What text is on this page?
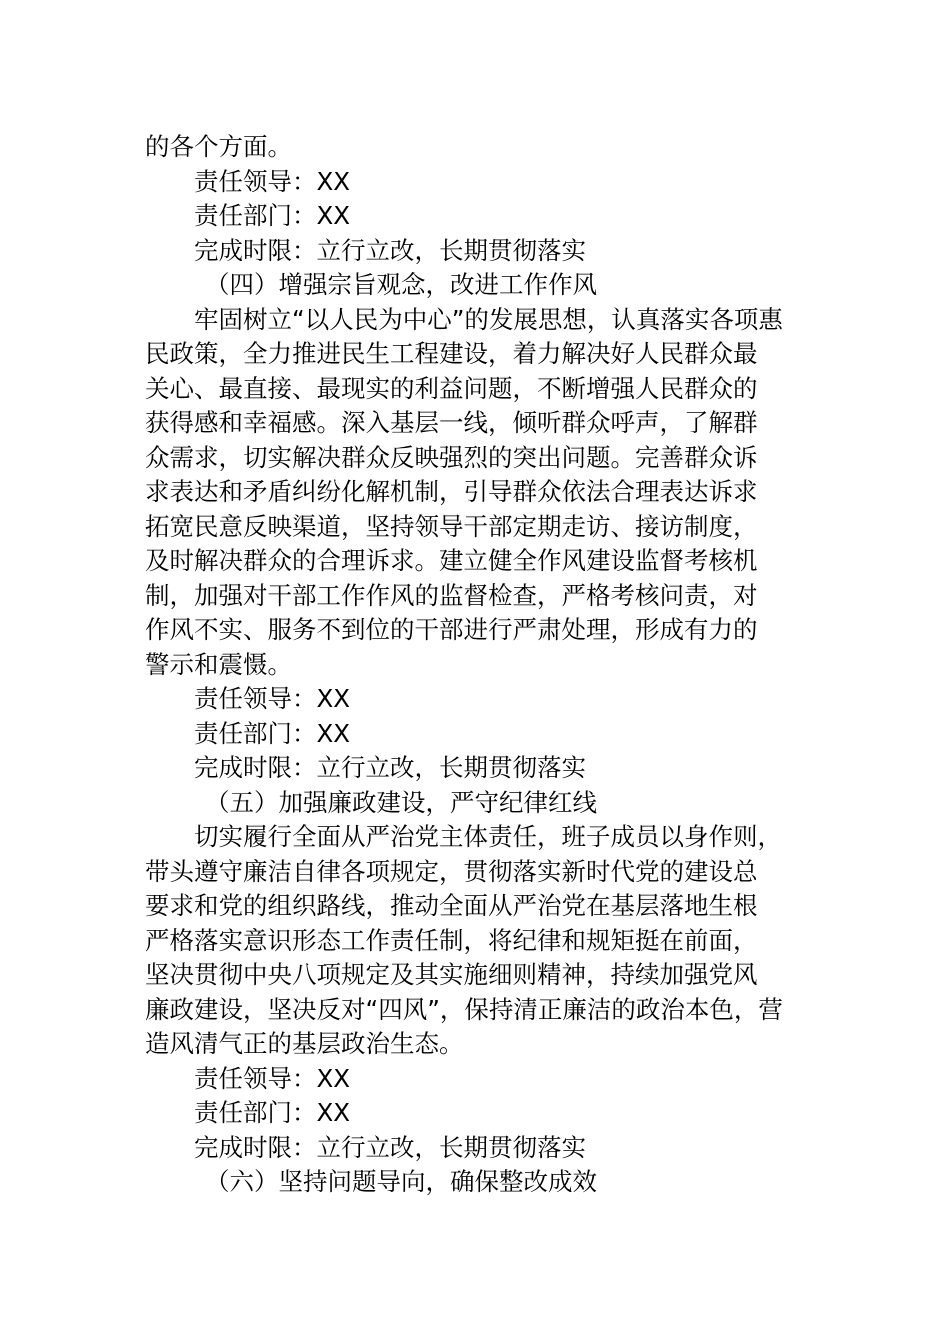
的各个方面。
责任领导：XX
责任部门：XX
完成时限：立行立改，长期贯彻落实
（四）增强宗旨观念，改进工作作风
牢固树立“以人民为中心”的发展思想，认真落实各项惠
民政策，全力推进民生工程建设，着力解决好人民群众最
关心、最直接、最现实的利益问题，不断增强人民群众的
获得感和幸福感。深入基层一线，倾听群众呼声，了解群
众需求，切实解决群众反映强烈的突出问题。完善群众诉
求表达和矛盾纠纷化解机制，引导群众依法合理表达诉求
拓宽民意反映渠道，坚持领导干部定期走访、接访制度，
及时解决群众的合理诉求。建立健全作风建设监督考核机
制，加强对干部工作作风的监督检查，严格考核问责，对
作风不实、服务不到位的干部进行严肃处理，形成有力的
警示和震慑。
责任领导：XX
责任部门：XX
完成时限：立行立改，长期贯彻落实
（五）加强廉政建设，严守纪律红线
切实履行全面从严治党主体责任，班子成员以身作则，
带头遵守廉洁自律各项规定，贯彻落实新时代党的建设总
要求和党的组织路线，推动全面从严治党在基层落地生根
严格落实意识形态工作责任制，将纪律和规矩挺在前面，
坚决贯彻中央八项规定及其实施细则精神，持续加强党风
廉政建设，坚决反对“四风”，保持清正廉洁的政治本色，营
造风清气正的基层政治生态。
责任领导：XX
责任部门：XX
完成时限：立行立改，长期贯彻落实
（六）坚持问题导向，确保整改成效
